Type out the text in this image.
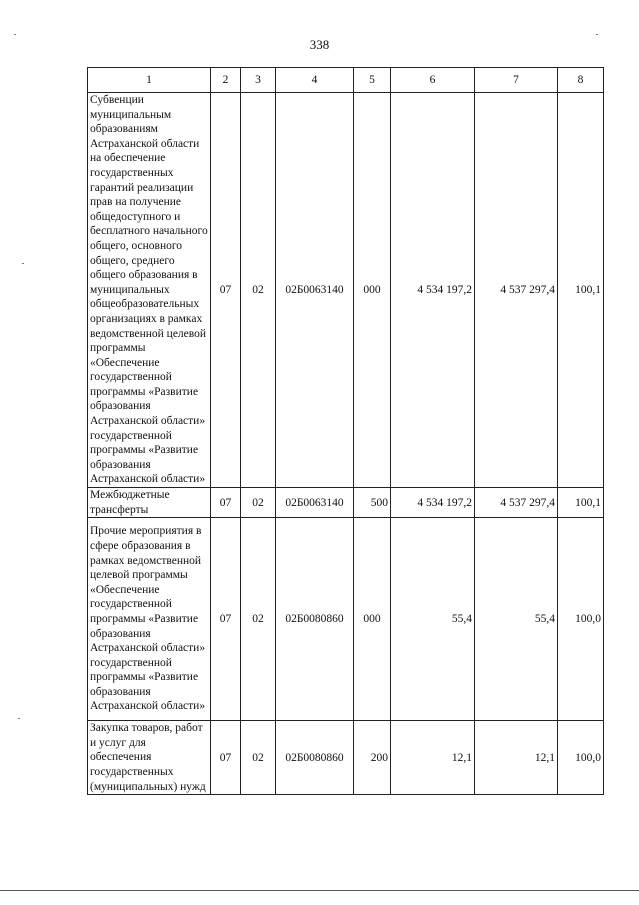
338
1	2	3	4	5	6	7	8
Субвенции муниципальным образованиям Астраханской области на обеспечение государственных гарантий реализации прав на получение общедоступного и бесплатного начального общего, основного общего, среднего общего образования в муниципальных общеобразовательных организациях в рамках ведомственной целевой программы «Обеспечение государственной программы «Развитие образования Астраханской области» государственной программы «Развитие образования Астраханской области»	07	02	02Б0063140	000	4 534 197,2	4 537 297,4	100,1
Межбюджетные трансферты	07	02	02Б0063140	500	4 534 197,2	4 537 297,4	100,1
Прочие мероприятия в сфере образования в рамках ведомственной целевой программы «Обеспечение государственной программы «Развитие образования Астраханской области» государственной программы «Развитие образования Астраханской области»	07	02	02Б0080860	000	55,4	55,4	100,0
Закупка товаров, работ и услуг для обеспечения государственных (муниципальных) нужд	07	02	02Б0080860	200	12,1	12,1	100,0
